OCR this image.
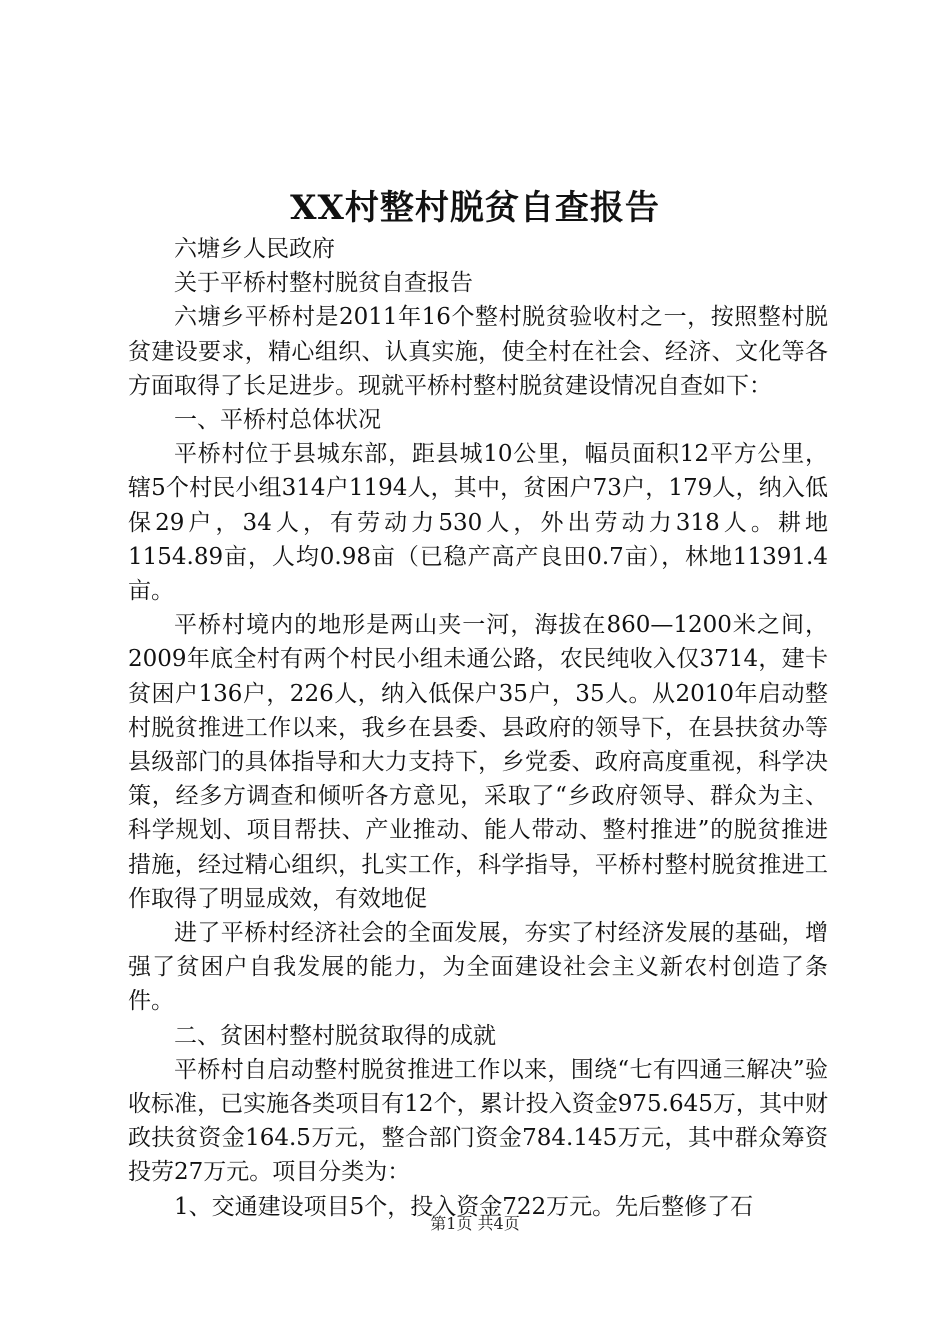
XX村整村脱贫自查报告

六塘乡人民政府

关于平桥村整村脱贫自查报告

六塘乡平桥村是2011年16个整村脱贫验收村之一，按照整村脱贫建设要求，精心组织、认真实施，使全村在社会、经济、文化等各方面取得了长足进步。现就平桥村整村脱贫建设情况自查如下：

一、平桥村总体状况

平桥村位于县城东部，距县城10公里，幅员面积12平方公里，辖5个村民小组314户1194人，其中，贫困户73户，179人，纳入低保29户，34人，有劳动力530人，外出劳动力318人。耕地1154.89亩，人均0.98亩（已稳产高产良田0.7亩），林地11391.4亩。

平桥村境内的地形是两山夹一河，海拔在860—1200米之间，2009年底全村有两个村民小组未通公路，农民纯收入仅3714，建卡贫困户136户，226人，纳入低保户35户，35人。从2010年启动整村脱贫推进工作以来，我乡在县委、县政府的领导下，在县扶贫办等县级部门的具体指导和大力支持下，乡党委、政府高度重视，科学决策，经多方调查和倾听各方意见，采取了“乡政府领导、群众为主、科学规划、项目帮扶、产业推动、能人带动、整村推进”的脱贫推进措施，经过精心组织，扎实工作，科学指导，平桥村整村脱贫推进工作取得了明显成效，有效地促

进了平桥村经济社会的全面发展，夯实了村经济发展的基础，增强了贫困户自我发展的能力，为全面建设社会主义新农村创造了条件。

二、贫困村整村脱贫取得的成就

平桥村自启动整村脱贫推进工作以来，围绕“七有四通三解决”验收标准，已实施各类项目有12个，累计投入资金975.645万，其中财政扶贫资金164.5万元，整合部门资金784.145万元，其中群众筹资投劳27万元。项目分类为：

1、交通建设项目5个，投入资金722万元。先后整修了石

第1页 共4页
